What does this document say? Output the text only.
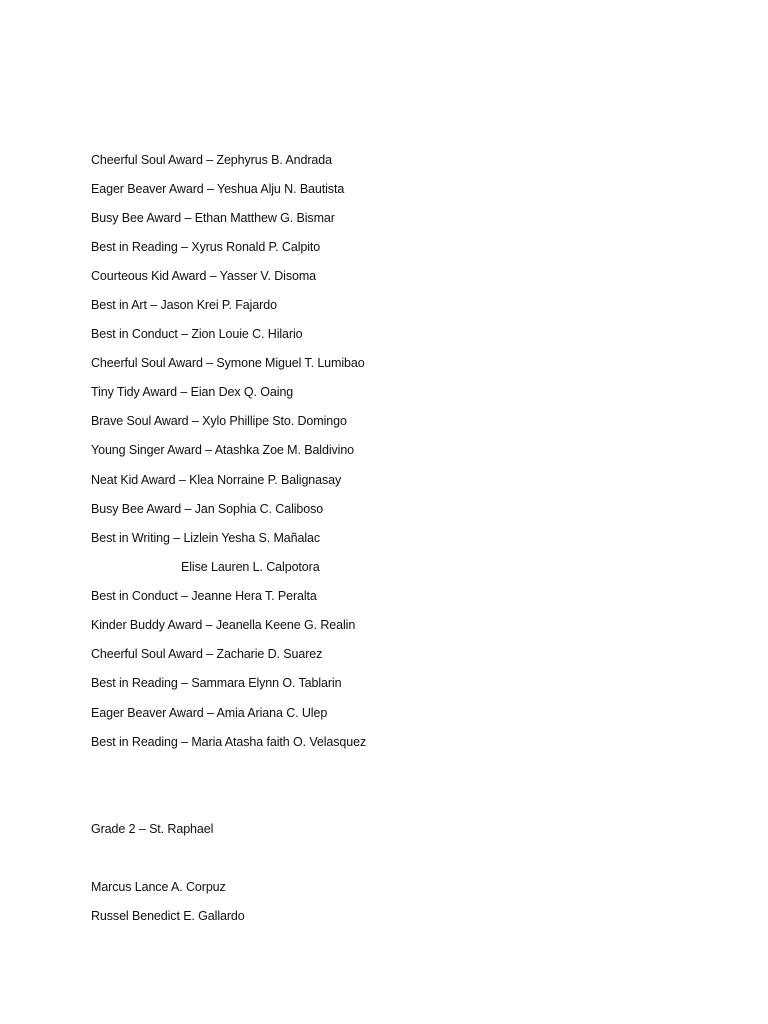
Cheerful Soul Award – Zephyrus B. Andrada
Eager Beaver Award – Yeshua Alju N. Bautista
Busy Bee Award – Ethan Matthew G. Bismar
Best in Reading – Xyrus Ronald P. Calpito
Courteous Kid Award – Yasser V. Disoma
Best in Art – Jason Krei P. Fajardo
Best in Conduct – Zion Louie C. Hilario
Cheerful Soul Award – Symone Miguel T. Lumibao
Tiny Tidy Award – Eian Dex Q. Oaing
Brave Soul Award – Xylo Phillipe Sto. Domingo
Young Singer Award – Atashka Zoe M. Baldivino
Neat Kid Award – Klea Norraine P. Balignasay
Busy Bee Award – Jan Sophia C. Caliboso
Best in Writing – Lizlein Yesha S. Mañalac
Elise Lauren L. Calpotora
Best in Conduct – Jeanne Hera T. Peralta
Kinder Buddy Award – Jeanella Keene G. Realin
Cheerful Soul Award – Zacharie D. Suarez
Best in Reading – Sammara Elynn O. Tablarin
Eager Beaver Award – Amia Ariana C. Ulep
Best in Reading – Maria Atasha faith O. Velasquez
Grade 2 – St. Raphael
Marcus Lance A. Corpuz
Russel Benedict E. Gallardo
